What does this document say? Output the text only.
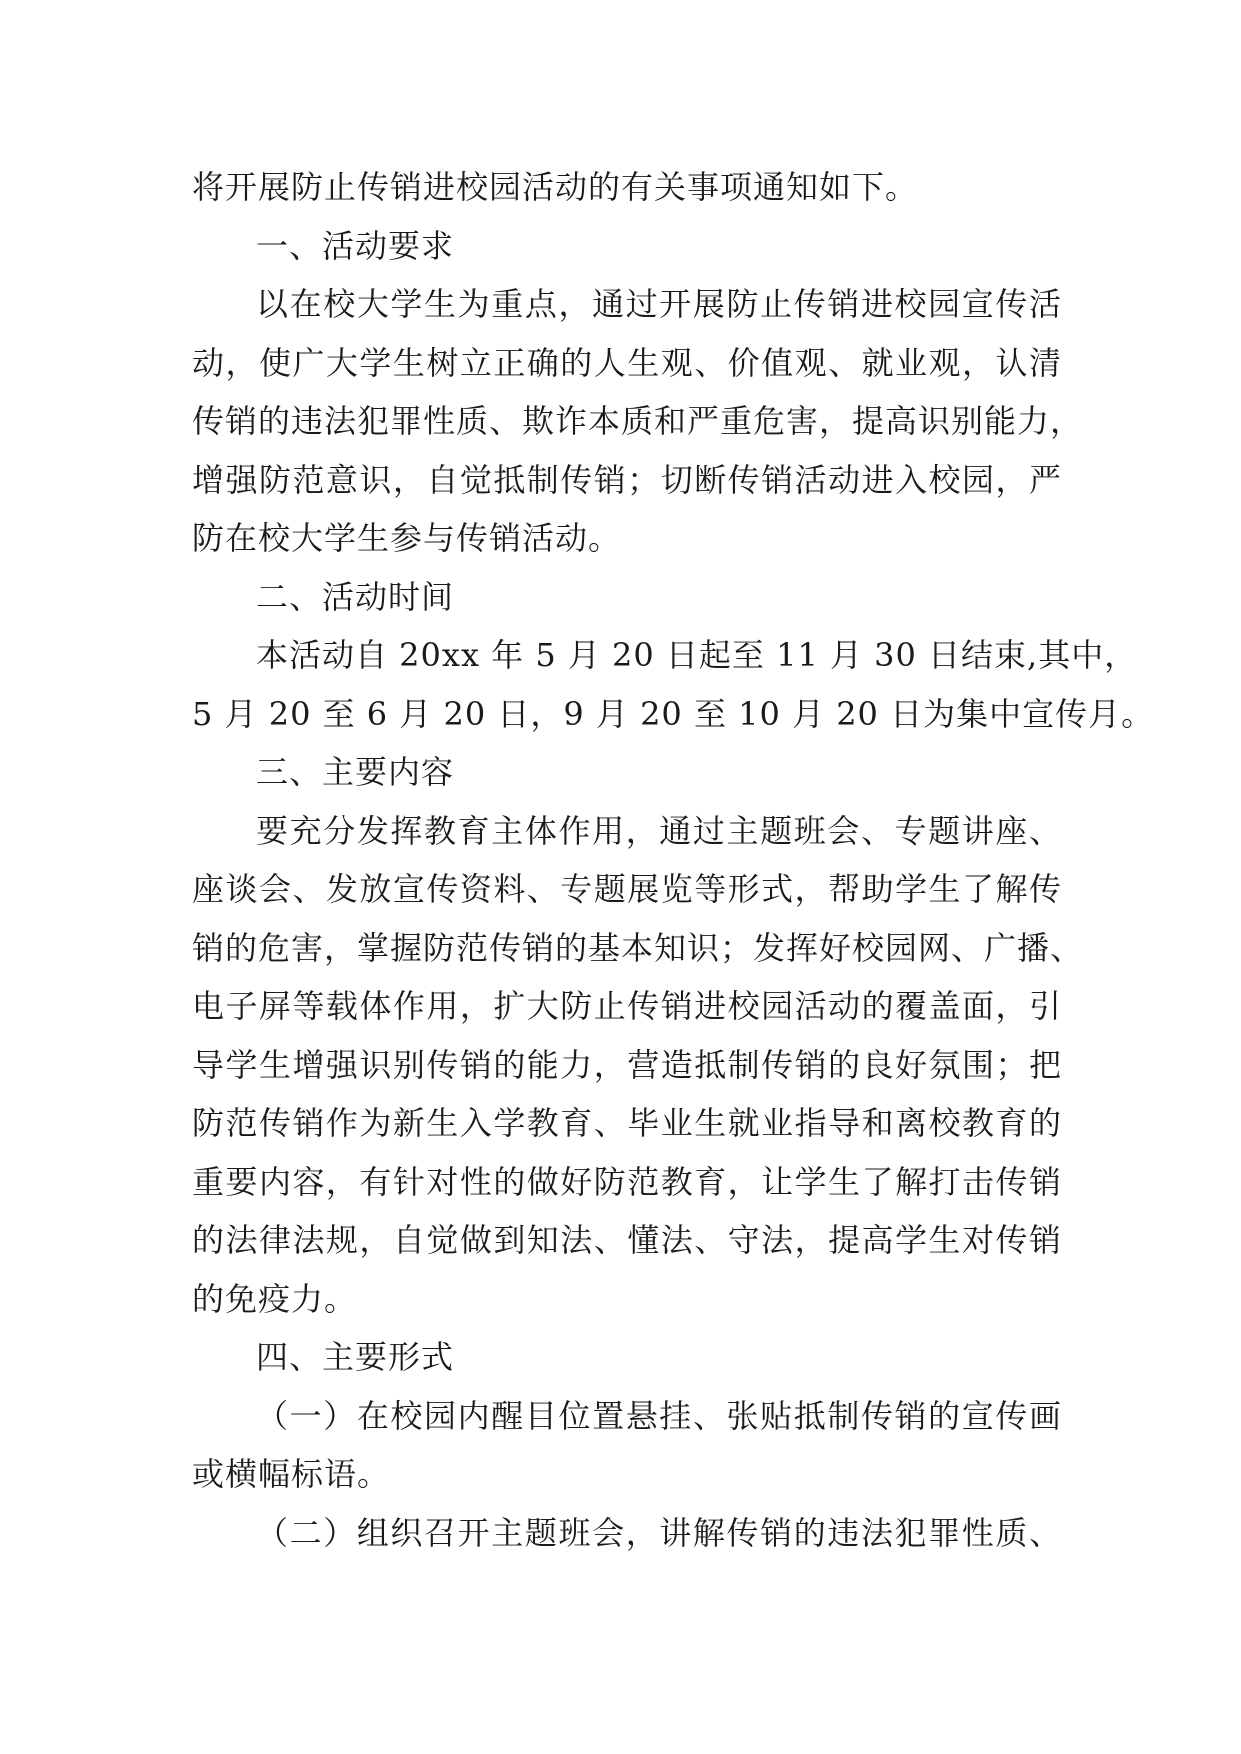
将开展防止传销进校园活动的有关事项通知如下。
一、活动要求
以在校大学生为重点，通过开展防止传销进校园宣传活
动，使广大学生树立正确的人生观、价值观、就业观，认清
传销的违法犯罪性质、欺诈本质和严重危害，提高识别能力，
增强防范意识，自觉抵制传销；切断传销活动进入校园，严
防在校大学生参与传销活动。
二、活动时间
本活动自 20xx 年 5 月 20 日起至 11 月 30 日结束,其中，
5 月 20 至 6 月 20 日，9 月 20 至 10 月 20 日为集中宣传月。
三、主要内容
要充分发挥教育主体作用，通过主题班会、专题讲座、
座谈会、发放宣传资料、专题展览等形式，帮助学生了解传
销的危害，掌握防范传销的基本知识；发挥好校园网、广播、
电子屏等载体作用，扩大防止传销进校园活动的覆盖面，引
导学生增强识别传销的能力，营造抵制传销的良好氛围；把
防范传销作为新生入学教育、毕业生就业指导和离校教育的
重要内容，有针对性的做好防范教育，让学生了解打击传销
的法律法规，自觉做到知法、懂法、守法，提高学生对传销
的免疫力。
四、主要形式
（一）在校园内醒目位置悬挂、张贴抵制传销的宣传画
或横幅标语。
（二）组织召开主题班会，讲解传销的违法犯罪性质、
